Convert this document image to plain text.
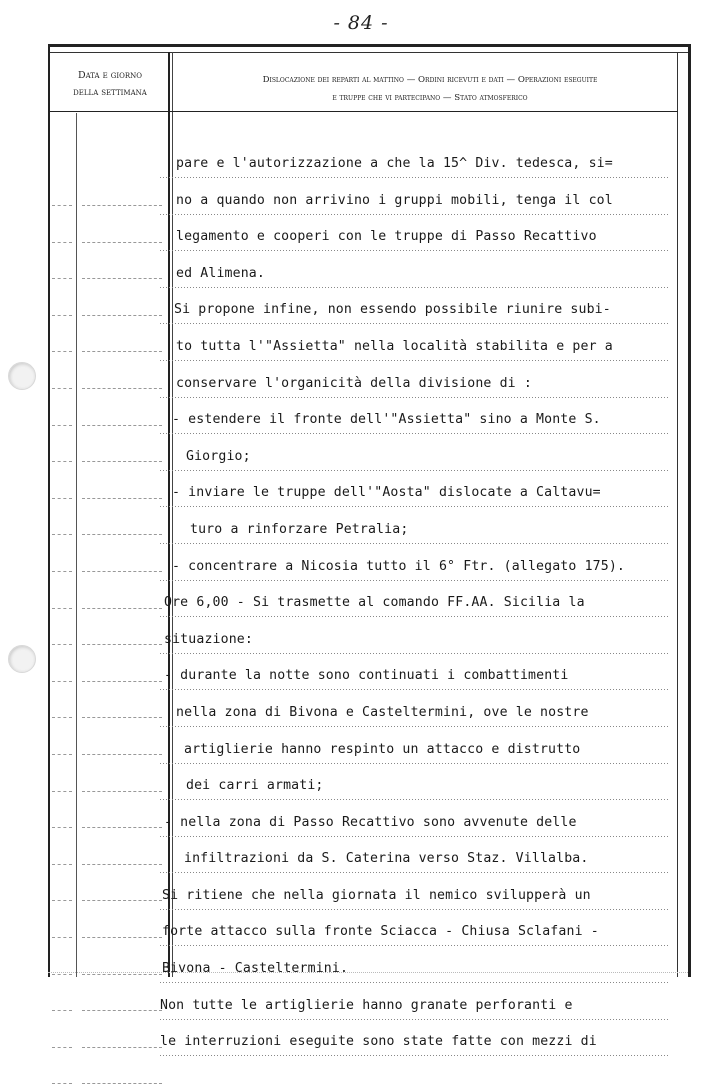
- 84 -
Data e giorno
della settimana
Dislocazione dei reparti al mattino — Ordini ricevuti e dati — Operazioni eseguite
e truppe che vi partecipano — Stato atmosferico
pare e l'autorizzazione a che la 15^ Div. tedesca, si=
no a quando non arrivino i gruppi mobili, tenga il col
legamento e cooperi con le truppe di Passo Recattivo
ed Alimena.
Si propone infine, non essendo possibile riunire subi-
to tutta l'"Assietta" nella località stabilita e per a
conservare l'organicità della divisione di :
- estendere il fronte dell'"Assietta" sino a Monte S.
Giorgio;
- inviare le truppe dell'"Aosta" dislocate a Caltavu=
turo a rinforzare Petralia;
- concentrare a Nicosia tutto il 6° Ftr. (allegato 175).
Ore 6,00 - Si trasmette al comando FF.AA. Sicilia la
situazione:
- durante la notte sono continuati i combattimenti
nella zona di Bivona e Casteltermini, ove le nostre
artiglierie hanno respinto un attacco e distrutto
dei carri armati;
- nella zona di Passo Recattivo sono avvenute delle
infiltrazioni da S. Caterina verso Staz. Villalba.
Si ritiene che nella giornata il nemico svilupperà un
forte attacco sulla fronte Sciacca - Chiusa Sclafani -
Bivona - Casteltermini.
Non tutte le artiglierie hanno granate perforanti e
le interruzioni eseguite sono state fatte con mezzi di
